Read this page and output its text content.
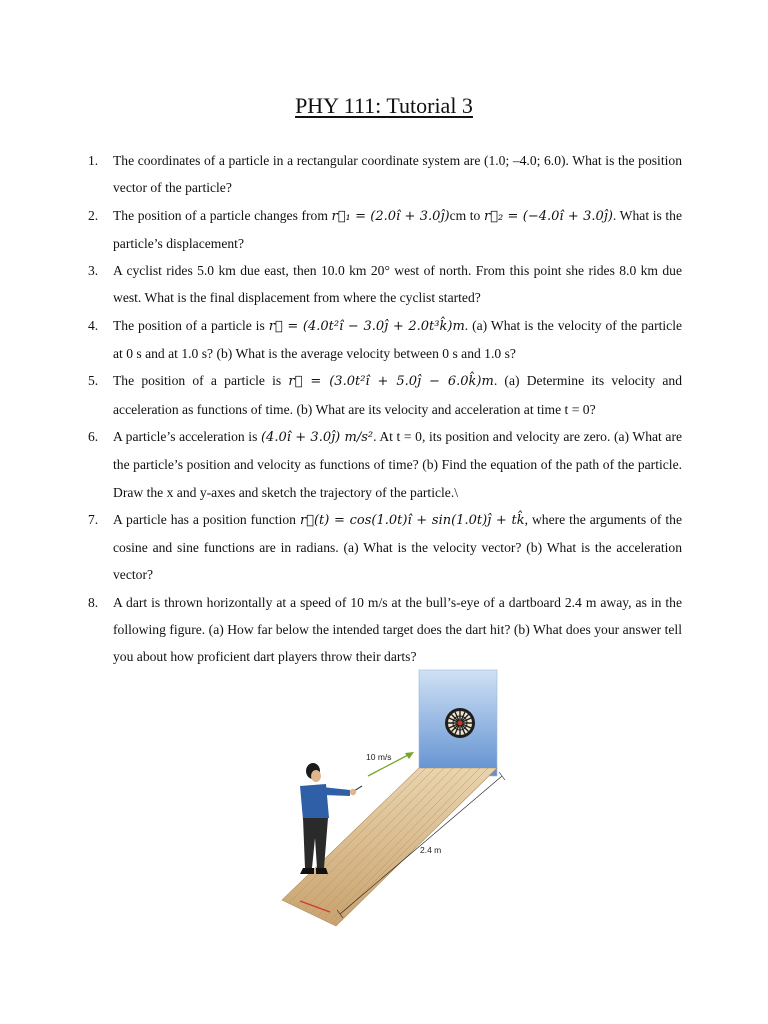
PHY 111: Tutorial 3
1. The coordinates of a particle in a rectangular coordinate system are (1.0; –4.0; 6.0). What is the position vector of the particle?
2. The position of a particle changes from r⃗₁ = (2.0î + 3.0ĵ)cm to r⃗₂ = (−4.0î + 3.0ĵ). What is the particle’s displacement?
3. A cyclist rides 5.0 km due east, then 10.0 km 20° west of north. From this point she rides 8.0 km due west. What is the final displacement from where the cyclist started?
4. The position of a particle is r⃗ = (4.0t²î − 3.0ĵ + 2.0t³k̂)m. (a) What is the velocity of the particle at 0 s and at 1.0 s? (b) What is the average velocity between 0 s and 1.0 s?
5. The position of a particle is r⃗ = (3.0t²î + 5.0ĵ − 6.0k̂)m. (a) Determine its velocity and acceleration as functions of time. (b) What are its velocity and acceleration at time t = 0?
6. A particle’s acceleration is (4.0î + 3.0ĵ) m/s². At t = 0, its position and velocity are zero. (a) What are the particle’s position and velocity as functions of time? (b) Find the equation of the path of the particle. Draw the x and y-axes and sketch the trajectory of the particle.\
7. A particle has a position function r⃗(t) = cos(1.0t)î + sin(1.0t)ĵ + tk̂, where the arguments of the cosine and sine functions are in radians. (a) What is the velocity vector? (b) What is the acceleration vector?
8. A dart is thrown horizontally at a speed of 10 m/s at the bull’s-eye of a dartboard 2.4 m away, as in the following figure. (a) How far below the intended target does the dart hit? (b) What does your answer tell you about how proficient dart players throw their darts?
2.4 m
10 m/s
